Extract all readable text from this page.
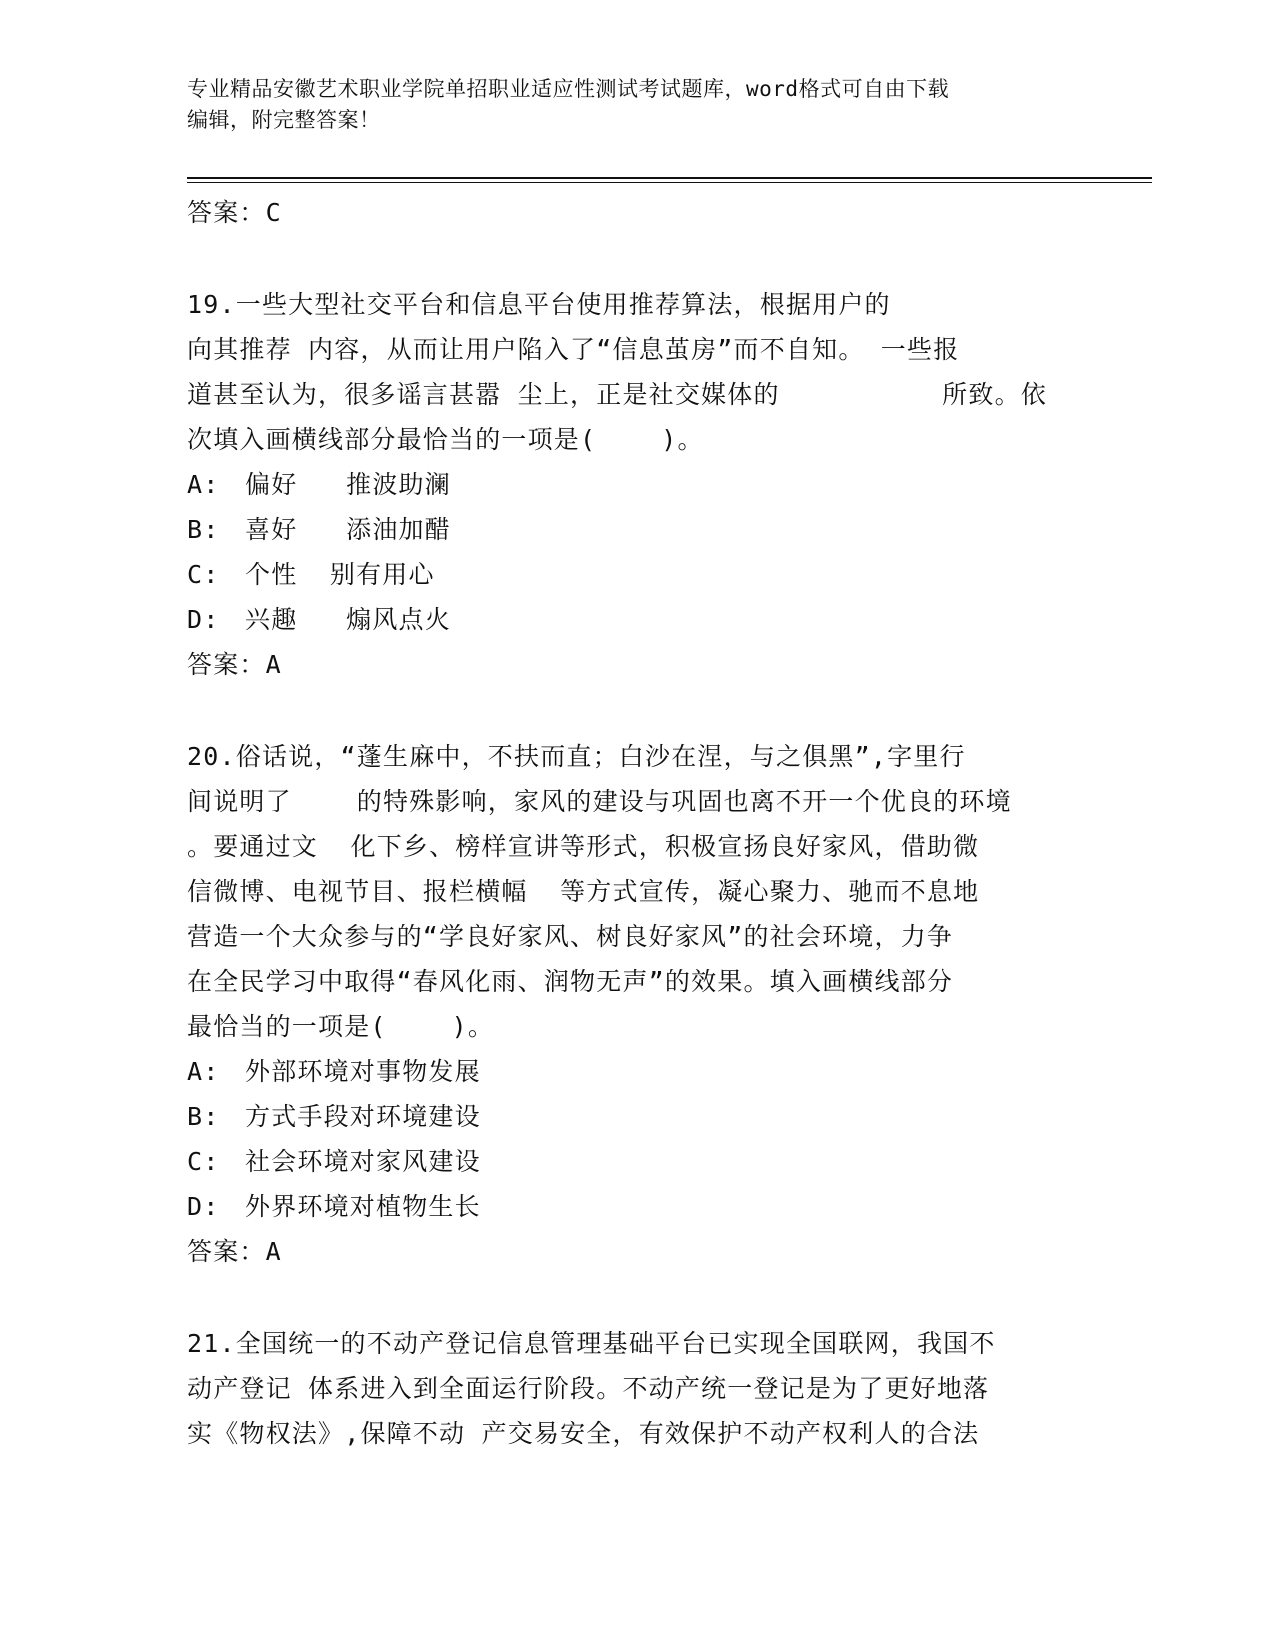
专业精品安徽艺术职业学院单招职业适应性测试考试题库，word格式可自由下载
编辑，附完整答案！
答案：C
19.一些大型社交平台和信息平台使用推荐算法，根据用户的
向其推荐 内容，从而让用户陷入了“信息茧房”而不自知。 一些报
道甚至认为，很多谣言甚嚣 尘上，正是社交媒体的          所致。依
次填入画横线部分最恰当的一项是(    )。
A: 偏好   推波助澜
B: 喜好   添油加醋
C: 个性  别有用心
D: 兴趣   煽风点火
答案：A
20.俗话说，“蓬生麻中，不扶而直；白沙在涅，与之俱黑”,字里行
间说明了    的特殊影响，家风的建设与巩固也离不开一个优良的环境
。要通过文  化下乡、榜样宣讲等形式，积极宣扬良好家风，借助微
信微博、电视节目、报栏横幅  等方式宣传，凝心聚力、驰而不息地
营造一个大众参与的“学良好家风、树良好家风”的社会环境，力争
在全民学习中取得“春风化雨、润物无声”的效果。填入画横线部分
最恰当的一项是(    )。
A: 外部环境对事物发展
B: 方式手段对环境建设
C: 社会环境对家风建设
D: 外界环境对植物生长
答案：A
21.全国统一的不动产登记信息管理基础平台已实现全国联网，我国不
动产登记 体系进入到全面运行阶段。不动产统一登记是为了更好地落
实《物权法》,保障不动 产交易安全，有效保护不动产权利人的合法
